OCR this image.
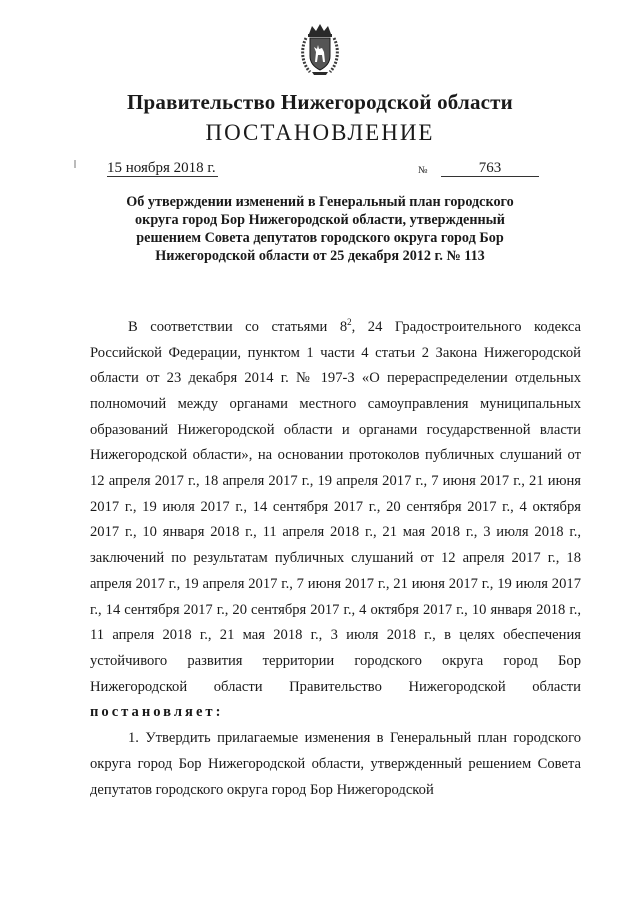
Правительство Нижегородской области
ПОСТАНОВЛЕНИЕ
15 ноября 2018 г.	№	763
Об утверждении изменений в Генеральный план городского
округа город Бор Нижегородской области, утвержденный
решением Совета депутатов городского округа город Бор
Нижегородской области от 25 декабря 2012 г. № 113

В соответствии со статьями $8^2$, 24 Градостроительного кодекса Российской Федерации, пунктом 1 части 4 статьи 2 Закона Нижегородской области от 23 декабря 2014 г. № 197-З «О перераспределении отдельных полномочий между органами местного самоуправления муниципальных образований Нижегородской области и органами государственной власти Нижегородской области», на основании протоколов публичных слушаний от 12 апреля 2017 г., 18 апреля 2017 г., 19 апреля 2017 г., 7 июня 2017 г., 21 июня 2017 г., 19 июля 2017 г., 14 сентября 2017 г., 20 сентября 2017 г., 4 октября 2017 г., 10 января 2018 г., 11 апреля 2018 г., 21 мая 2018 г., 3 июля 2018 г., заключений по результатам публичных слушаний от 12 апреля 2017 г., 18 апреля 2017 г., 19 апреля 2017 г., 7 июня 2017 г., 21 июня 2017 г., 19 июля 2017 г., 14 сентября 2017 г., 20 сентября 2017 г., 4 октября 2017 г., 10 января 2018 г., 11 апреля 2018 г., 21 мая 2018 г., 3 июля 2018 г., в целях обеспечения устойчивого развития территории городского округа город Бор Нижегородской области Правительство Нижегородской области постановляет:

1. Утвердить прилагаемые изменения в Генеральный план городского округа город Бор Нижегородской области, утвержденный решением Совета депутатов городского округа город Бор Нижегородской
